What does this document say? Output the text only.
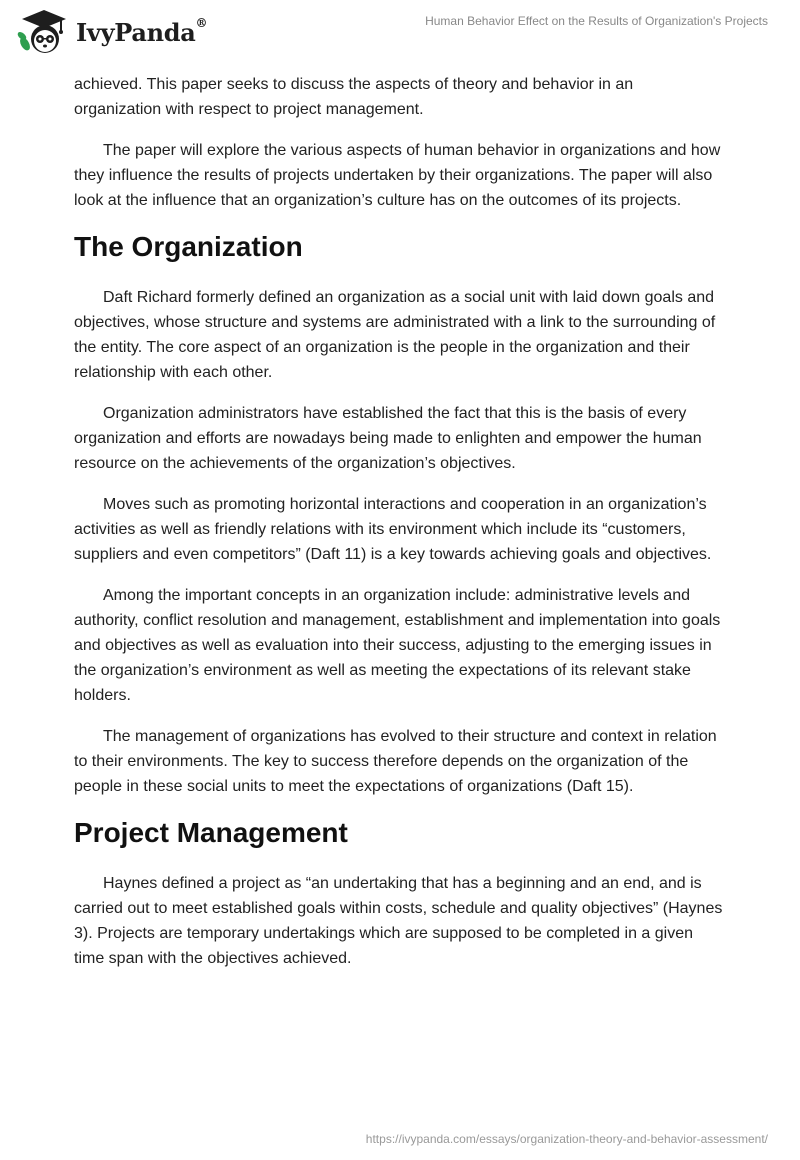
IvyPanda®	Human Behavior Effect on the Results of Organization's Projects

achieved. This paper seeks to discuss the aspects of theory and behavior in an organization with respect to project management.

The paper will explore the various aspects of human behavior in organizations and how they influence the results of projects undertaken by their organizations. The paper will also look at the influence that an organization’s culture has on the outcomes of its projects.

The Organization

Daft Richard formerly defined an organization as a social unit with laid down goals and objectives, whose structure and systems are administrated with a link to the surrounding of the entity. The core aspect of an organization is the people in the organization and their relationship with each other.

Organization administrators have established the fact that this is the basis of every organization and efforts are nowadays being made to enlighten and empower the human resource on the achievements of the organization’s objectives.

Moves such as promoting horizontal interactions and cooperation in an organization’s activities as well as friendly relations with its environment which include its “customers, suppliers and even competitors” (Daft 11) is a key towards achieving goals and objectives.

Among the important concepts in an organization include: administrative levels and authority, conflict resolution and management, establishment and implementation into goals and objectives as well as evaluation into their success, adjusting to the emerging issues in the organization’s environment as well as meeting the expectations of its relevant stake holders.

The management of organizations has evolved to their structure and context in relation to their environments. The key to success therefore depends on the organization of the people in these social units to meet the expectations of organizations (Daft 15).

Project Management

Haynes defined a project as “an undertaking that has a beginning and an end, and is carried out to meet established goals within costs, schedule and quality objectives” (Haynes 3). Projects are temporary undertakings which are supposed to be completed in a given time span with the objectives achieved.

https://ivypanda.com/essays/organization-theory-and-behavior-assessment/
